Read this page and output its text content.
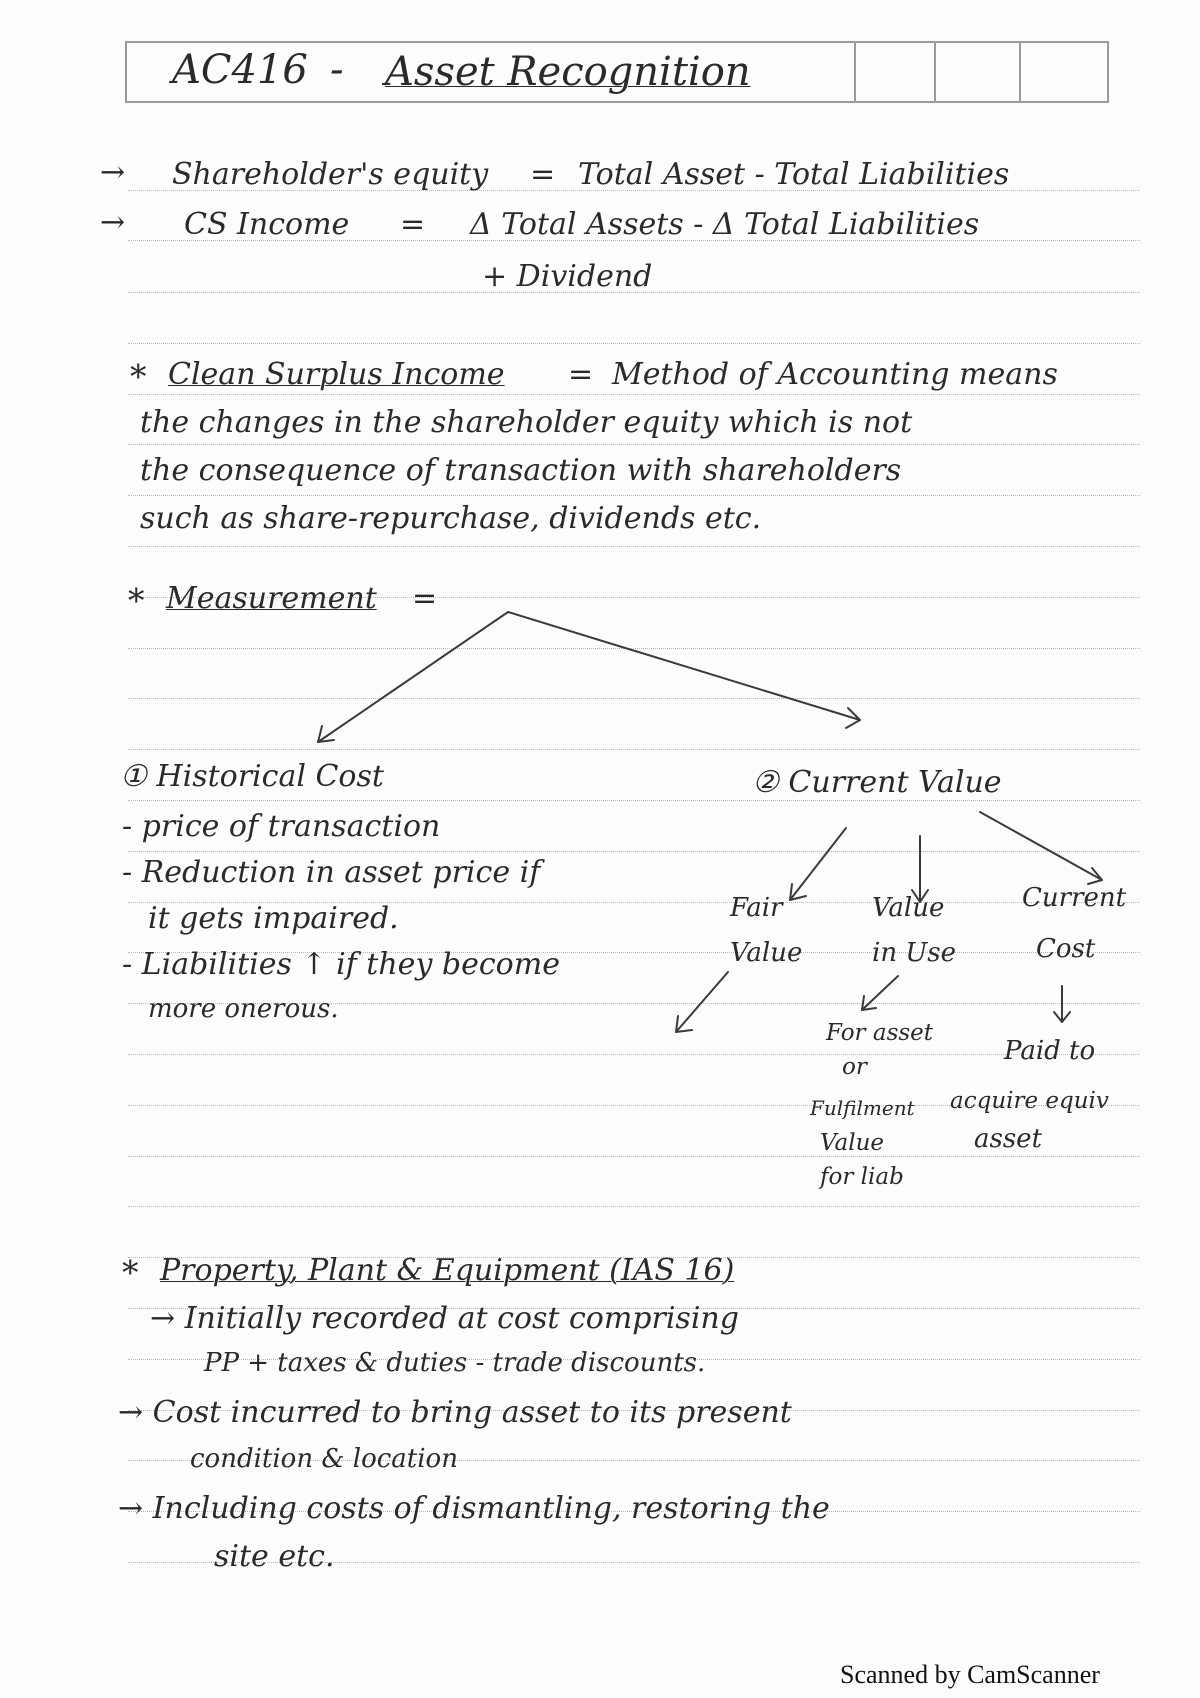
AC416 - Asset Recognition
→ Shareholder's equity = Total Asset - Total Liabilities
→ CS Income = Δ Total Assets - Δ Total Liabilities
+ Dividend
* Clean Surplus Income = Method of Accounting means
the changes in the shareholder equity which is not
the consequence of transaction with shareholders
such as share-repurchase, dividends etc.
* Measurement =
① Historical Cost
- price of transaction
- Reduction in asset price if
it gets impaired.
- Liabilities ↑ if they become
more onerous.
② Current Value
Fair
Value
Value
in Use
Current
Cost
For asset
or
Fulfilment
Value
for liab
Paid to
acquire equiv
asset
* Property, Plant & Equipment (IAS 16)
→ Initially recorded at cost comprising
PP + taxes & duties - trade discounts.
→ Cost incurred to bring asset to its present
condition & location
→ Including costs of dismantling, restoring the
site etc.
Scanned by CamScanner
